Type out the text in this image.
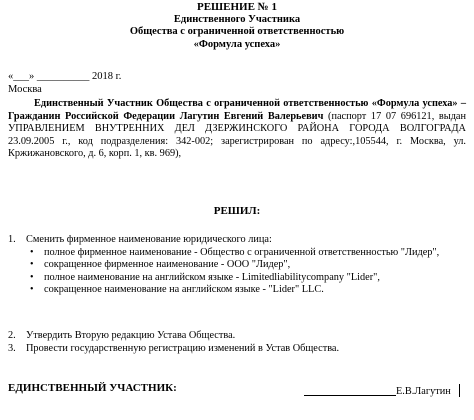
РЕШЕНИЕ № 1
Единственного Участника
Общества с ограниченной ответственностью
«Формула успеха»
«___» __________ 2018 г.
Москва
Единственный Участник Общества с ограниченной ответственностью «Формула успеха» – Гражданин Российской Федерации Лагутин Евгений Валерьевич (паспорт 17 07 696121, выдан УПРАВЛЕНИЕМ ВНУТРЕННИХ ДЕЛ ДЗЕРЖИНСКОГО РАЙОНА ГОРОДА ВОЛГОГРАДА 23.09.2005 г., код подразделения: 342-002; зарегистрирован по адресу:,105544, г. Москва, ул. Кржижановского, д. 6, корп. 1, кв. 969),
РЕШИЛ:
1. Сменить фирменное наименование юридического лица:
•	полное фирменное наименование - Общество с ограниченной ответственностью "Лидер",
•	сокращенное фирменное наименование - ООО "Лидер",
•	полное наименование на английском языке - Limitedliabilitycompany "Lider",
•	сокращенное наименование на английском языке - "Lider" LLC.
2. Утвердить Вторую редакцию Устава Общества.
3. Провести государственную регистрацию изменений в Устав Общества.
ЕДИНСТВЕННЫЙ УЧАСТНИК:	Е.В.Лагутин
